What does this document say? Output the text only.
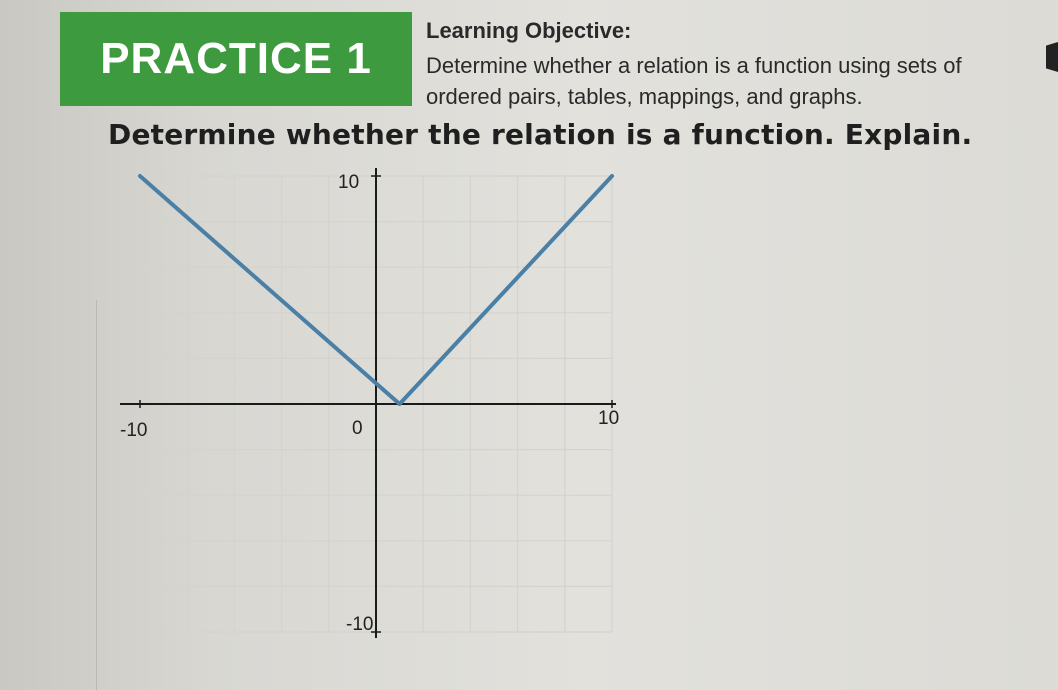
PRACTICE 1
Learning Objective:
Determine whether a relation is a function using sets of ordered pairs, tables, mappings, and graphs.
Determine whether the relation is a function. Explain.
-10	0	10
10
-10
